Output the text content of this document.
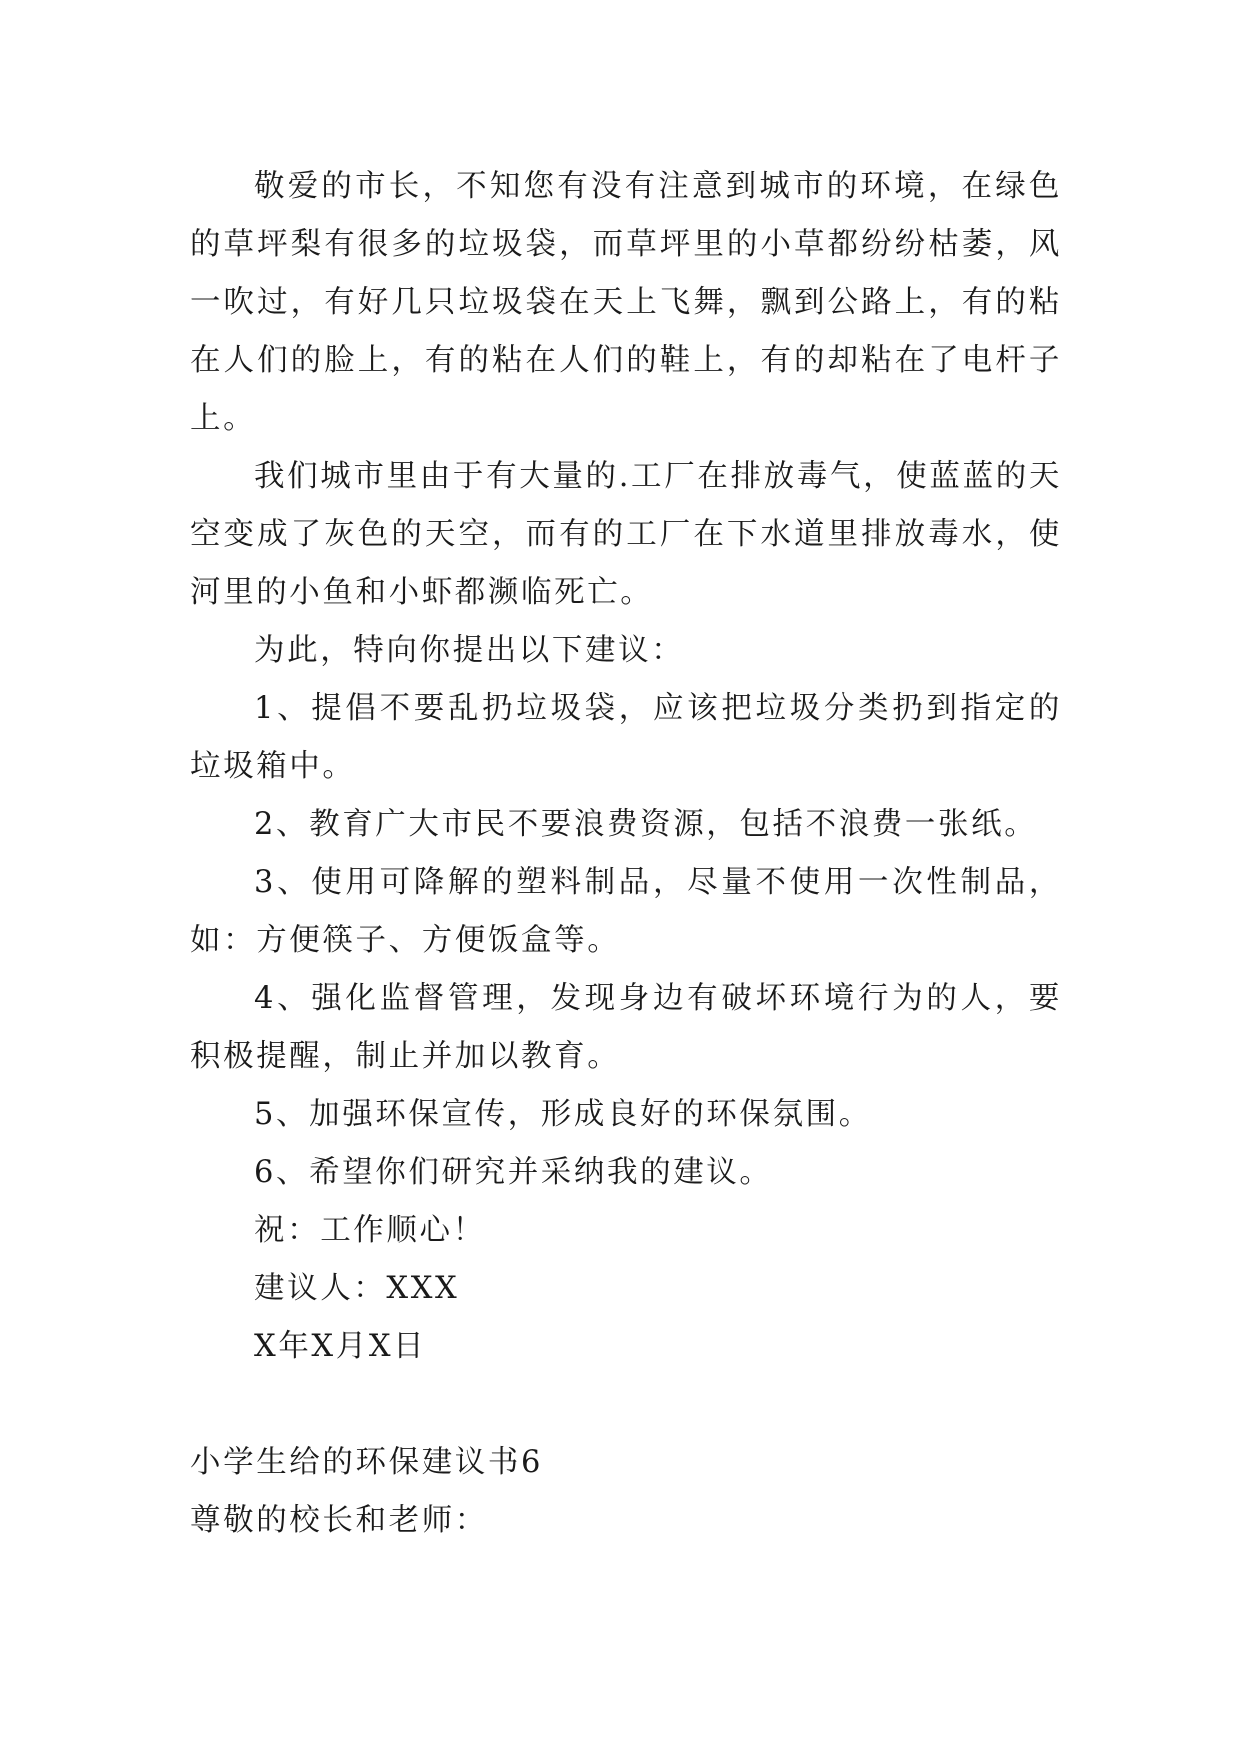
敬爱的市长，不知您有没有注意到城市的环境，在绿色的草坪梨有很多的垃圾袋，而草坪里的小草都纷纷枯萎，风一吹过，有好几只垃圾袋在天上飞舞，飘到公路上，有的粘在人们的脸上，有的粘在人们的鞋上，有的却粘在了电杆子上。

我们城市里由于有大量的.工厂在排放毒气，使蓝蓝的天空变成了灰色的天空，而有的工厂在下水道里排放毒水，使河里的小鱼和小虾都濒临死亡。

为此，特向你提出以下建议：

1、提倡不要乱扔垃圾袋，应该把垃圾分类扔到指定的垃圾箱中。

2、教育广大市民不要浪费资源，包括不浪费一张纸。

3、使用可降解的塑料制品，尽量不使用一次性制品，如：方便筷子、方便饭盒等。

4、强化监督管理，发现身边有破坏环境行为的人，要积极提醒，制止并加以教育。

5、加强环保宣传，形成良好的环保氛围。

6、希望你们研究并采纳我的建议。

祝：工作顺心！

建议人：XXX

X年X月X日

小学生给的环保建议书6

尊敬的校长和老师：
